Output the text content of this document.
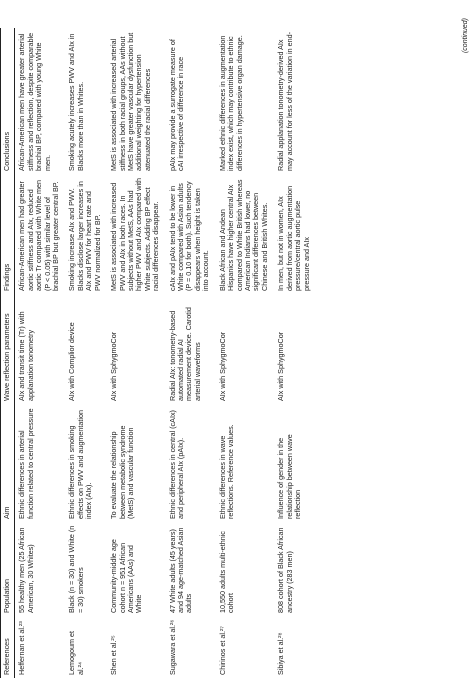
References	Population	Aim	Wave reflection parameters	Findings	Conclusions
Heffernan et al.²³	55 healthy men (25 African American, 30 Whites)	Ethnic differences in arterial function related to central pressure	AIx and transit time (Tr) with applanation tonometry	African-American men had greater aortic stiffness and AIx, reduced aortic Tr compared with White men (P < 0.05) with similar level of brachial BP but greater central BP.	African-American men have greater arterial stiffness and reflection, despite comparable brachial BP, compared with young White men.
Lemogoum et al.²⁴	Black (n = 30) and White (n = 30) smokers	Ethnic differences in smoking effects on PWV and augmentation index (AIx).	AIx with Complior device	Smoking increase AIx and PWV. Blacks disclose larger increases in AIx and PWV for heart rate and PWV normalized for BP.	Smoking acutely increases PWV and AIx in Blacks more than in Whites.
Shen et al.²⁵	Community-middle age cohort n = 951 African Americans (AAs) and White	To evaluate the relationship between metabolic syndrome (MetS) and vascular function	AIx with SphygmoCor	MetS is associated with increased PWV and AIx in both races. In subjects without MetS, AAs had higher PWV and AIx compared with White subjects. Adding BP effect racial differences disappear.	MetS is associated with increased arterial stiffness in both racial groups, AAs without MetS have greater vascular dysfunction but additional weighting for hypertension attenuated the racial differences
Sugawara et al.²⁶	47 White adults (45 years) and 94 age-matched Asian adults	Ethnic differences in central (cAIx) and peripheral AIx (pAIx).	Radial AIx: tonometry-based automated radial AI measurement device. Carotid arterial waveforms	cAIx and pAIx tend to be lower in White compared with Asian adults (P = 0.10 for both). Such tendency disappears when height is taken into account.	pAIx may provide a surrogate measure of cAI irrespective of difference in race
Chirinos et al.²⁷	10,550 adults multi-ethnic cohort	Ethnic differences in wave reflections. Reference values.	AIx with SphygmoCor	Black African and Andean Hispanics have higher central AIx compared to White British whereas American Indians had lower, no significant differences between Chinese and British Whites.	Marked ethnic differences in augmentation index exist, which may contribute to ethnic differences in hypertensive organ damage.
Sibiya et al.²⁸	808 cohort of Black African ancestry (283 men)	Influence of gender in the relationship between wave reflection	AIx with SphygmoCor	In men, but not in women, AIx derived from aortic augmentation pressure/central aortic pulse pressure and AIx	Radial applanation tonometry-derived AIx may account for less of the variation in end-	(continued)
